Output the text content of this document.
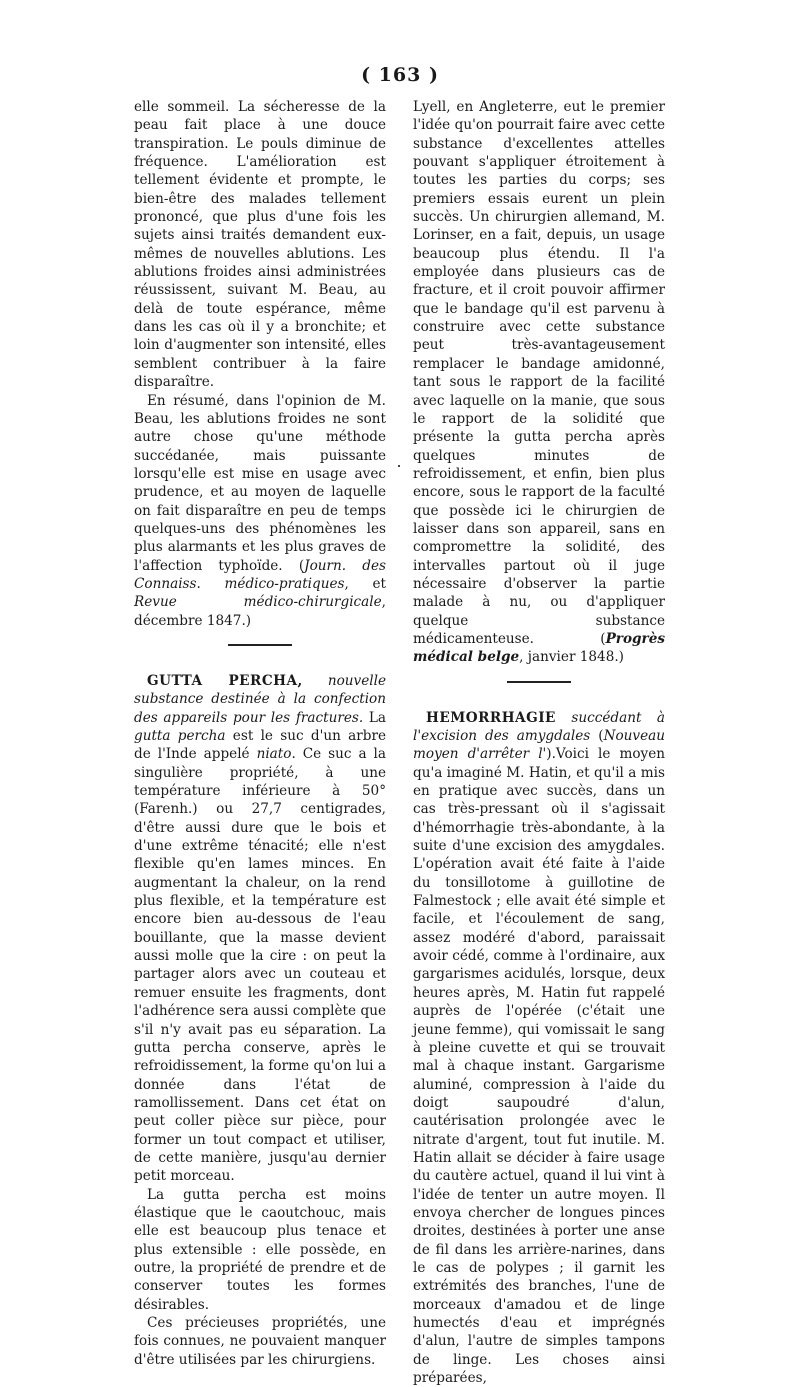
( 163 )

elle sommeil. La sécheresse de la peau fait place à une douce transpiration. Le pouls diminue de fréquence. L'amélioration est tellement évidente et prompte, le bien-être des malades tellement prononcé, que plus d'une fois les sujets ainsi traités demandent eux-mêmes de nouvelles ablutions. Les ablutions froides ainsi administrées réussissent, suivant M. Beau, au delà de toute espérance, même dans les cas où il y a bronchite; et loin d'augmenter son intensité, elles semblent contribuer à la faire disparaître.

En résumé, dans l'opinion de M. Beau, les ablutions froides ne sont autre chose qu'une méthode succédanée, mais puissante lorsqu'elle est mise en usage avec prudence, et au moyen de laquelle on fait disparaître en peu de temps quelques-uns des phénomènes les plus alarmants et les plus graves de l'affection typhoïde. (Journ. des Connaiss. médico-pratiques, et Revue médico-chirurgicale, décembre 1847.)

GUTTA PERCHA, nouvelle substance destinée à la confection des appareils pour les fractures. La gutta percha est le suc d'un arbre de l'Inde appelé niato. Ce suc a la singulière propriété, à une température inférieure à 50° (Farenh.) ou 27,7 centigrades, d'être aussi dure que le bois et d'une extrême ténacité; elle n'est flexible qu'en lames minces. En augmentant la chaleur, on la rend plus flexible, et la température est encore bien au-dessous de l'eau bouillante, que la masse devient aussi molle que la cire : on peut la partager alors avec un couteau et remuer ensuite les fragments, dont l'adhérence sera aussi complète que s'il n'y avait pas eu séparation. La gutta percha conserve, après le refroidissement, la forme qu'on lui a donnée dans l'état de ramollissement. Dans cet état on peut coller pièce sur pièce, pour former un tout compact et utiliser, de cette manière, jusqu'au dernier petit morceau.

La gutta percha est moins élastique que le caoutchouc, mais elle est beaucoup plus tenace et plus extensible : elle possède, en outre, la propriété de prendre et de conserver toutes les formes désirables.

Ces précieuses propriétés, une fois connues, ne pouvaient manquer d'être utilisées par les chirurgiens.

Lyell, en Angleterre, eut le premier l'idée qu'on pourrait faire avec cette substance d'excellentes attelles pouvant s'appliquer étroitement à toutes les parties du corps; ses premiers essais eurent un plein succès. Un chirurgien allemand, M. Lorinser, en a fait, depuis, un usage beaucoup plus étendu. Il l'a employée dans plusieurs cas de fracture, et il croit pouvoir affirmer que le bandage qu'il est parvenu à construire avec cette substance peut très-avantageusement remplacer le bandage amidonné, tant sous le rapport de la facilité avec laquelle on la manie, que sous le rapport de la solidité que présente la gutta percha après quelques minutes de refroidissement, et enfin, bien plus encore, sous le rapport de la faculté que possède ici le chirurgien de laisser dans son appareil, sans en compromettre la solidité, des intervalles partout où il juge nécessaire d'observer la partie malade à nu, ou d'appliquer quelque substance médicamenteuse. (Progrès médical belge, janvier 1848.)

HEMORRHAGIE succédant à l'excision des amygdales (Nouveau moyen d'arrêter l').Voici le moyen qu'a imaginé M. Hatin, et qu'il a mis en pratique avec succès, dans un cas très-pressant où il s'agissait d'hémorrhagie très-abondante, à la suite d'une excision des amygdales. L'opération avait été faite à l'aide du tonsillotome à guillotine de Falmestock ; elle avait été simple et facile, et l'écoulement de sang, assez modéré d'abord, paraissait avoir cédé, comme à l'ordinaire, aux gargarismes acidulés, lorsque, deux heures après, M. Hatin fut rappelé auprès de l'opérée (c'était une jeune femme), qui vomissait le sang à pleine cuvette et qui se trouvait mal à chaque instant. Gargarisme aluminé, compression à l'aide du doigt saupoudré d'alun, cautérisation prolongée avec le nitrate d'argent, tout fut inutile. M. Hatin allait se décider à faire usage du cautère actuel, quand il lui vint à l'idée de tenter un autre moyen. Il envoya chercher de longues pinces droites, destinées à porter une anse de fil dans les arrière-narines, dans le cas de polypes ; il garnit les extrémités des branches, l'une de morceaux d'amadou et de linge humectés d'eau et imprégnés d'alun, l'autre de simples tampons de linge. Les choses ainsi préparées,
